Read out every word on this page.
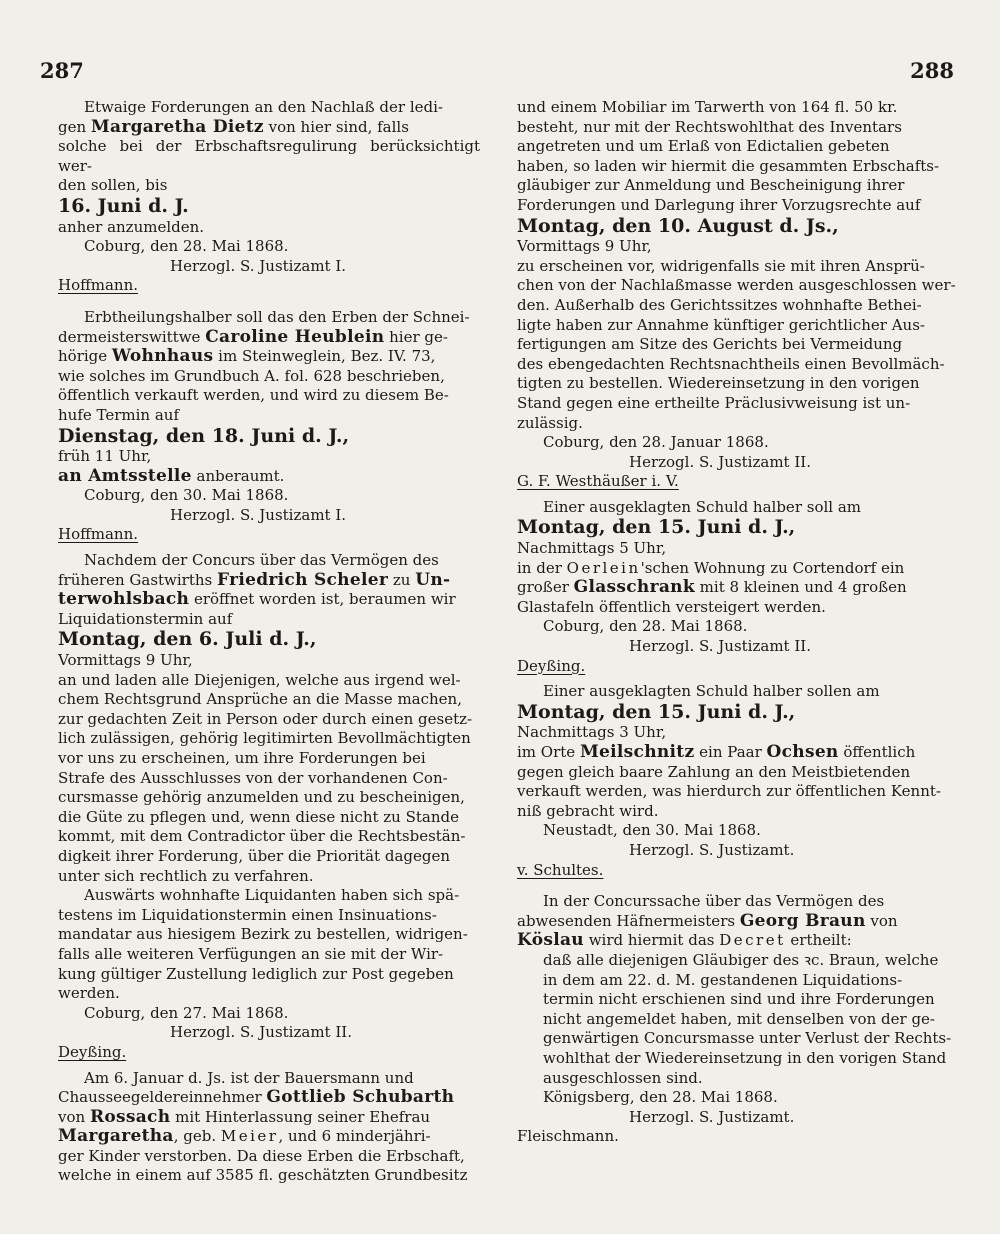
287	288

Etwaige Forderungen an den Nachlaß der ledi-

gen Margaretha Dietz von hier sind, falls

solche bei der Erbschaftsregulirung berücksichtigt wer-

den sollen, bis

16. Juni d. J.

anher anzumelden.

Coburg, den 28. Mai 1868.

Herzogl. S. Justizamt I.

Hoffmann.

Erbtheilungshalber soll das den Erben der Schnei-

dermeisterswittwe Caroline Heublein hier ge-

hörige Wohnhaus im Steinweglein, Bez. IV. 73,

wie solches im Grundbuch A. fol. 628 beschrieben,

öffentlich verkauft werden, und wird zu diesem Be-

hufe Termin auf

Dienstag, den 18. Juni d. J.,

früh 11 Uhr,

an Amtsstelle anberaumt.

Coburg, den 30. Mai 1868.

Herzogl. S. Justizamt I.

Hoffmann.

Nachdem der Concurs über das Vermögen des

früheren Gastwirths Friedrich Scheler zu Un-

terwohlsbach eröffnet worden ist, beraumen wir

Liquidationstermin auf

Montag, den 6. Juli d. J.,

Vormittags 9 Uhr,

an und laden alle Diejenigen, welche aus irgend wel-

chem Rechtsgrund Ansprüche an die Masse machen,

zur gedachten Zeit in Person oder durch einen gesetz-

lich zulässigen, gehörig legitimirten Bevollmächtigten

vor uns zu erscheinen, um ihre Forderungen bei

Strafe des Ausschlusses von der vorhandenen Con-

cursmasse gehörig anzumelden und zu bescheinigen,

die Güte zu pflegen und, wenn diese nicht zu Stande

kommt, mit dem Contradictor über die Rechtsbestän-

digkeit ihrer Forderung, über die Priorität dagegen

unter sich rechtlich zu verfahren.

Auswärts wohnhafte Liquidanten haben sich spä-

testens im Liquidationstermin einen Insinuations-

mandatar aus hiesigem Bezirk zu bestellen, widrigen-

falls alle weiteren Verfügungen an sie mit der Wir-

kung gültiger Zustellung lediglich zur Post gegeben

werden.

Coburg, den 27. Mai 1868.

Herzogl. S. Justizamt II.

Deyßing.

Am 6. Januar d. Js. ist der Bauersmann und

Chausseegeldereinnehmer Gottlieb Schubarth

von Rossach mit Hinterlassung seiner Ehefrau

Margaretha, geb. Meier, und 6 minderjähri-

ger Kinder verstorben. Da diese Erben die Erbschaft,

welche in einem auf 3585 fl. geschätzten Grundbesitz

und einem Mobiliar im Tarwerth von 164 fl. 50 kr.

besteht, nur mit der Rechtswohlthat des Inventars

angetreten und um Erlaß von Edictalien gebeten

haben, so laden wir hiermit die gesammten Erbschafts-

gläubiger zur Anmeldung und Bescheinigung ihrer

Forderungen und Darlegung ihrer Vorzugsrechte auf

Montag, den 10. August d. Js.,

Vormittags 9 Uhr,

zu erscheinen vor, widrigenfalls sie mit ihren Ansprü-

chen von der Nachlaßmasse werden ausgeschlossen wer-

den. Außerhalb des Gerichtssitzes wohnhafte Bethei-

ligte haben zur Annahme künftiger gerichtlicher Aus-

fertigungen am Sitze des Gerichts bei Vermeidung

des ebengedachten Rechtsnachtheils einen Bevollmäch-

tigten zu bestellen. Wiedereinsetzung in den vorigen

Stand gegen eine ertheilte Präclusivweisung ist un-

zulässig.

Coburg, den 28. Januar 1868.

Herzogl. S. Justizamt II.

G. F. Westhäußer i. V.

Einer ausgeklagten Schuld halber soll am

Montag, den 15. Juni d. J.,

Nachmittags 5 Uhr,

in der Oerlein'schen Wohnung zu Cortendorf ein

großer Glasschrank mit 8 kleinen und 4 großen

Glastafeln öffentlich versteigert werden.

Coburg, den 28. Mai 1868.

Herzogl. S. Justizamt II.

Deyßing.

Einer ausgeklagten Schuld halber sollen am

Montag, den 15. Juni d. J.,

Nachmittags 3 Uhr,

im Orte Meilschnitz ein Paar Ochsen öffentlich

gegen gleich baare Zahlung an den Meistbietenden

verkauft werden, was hierdurch zur öffentlichen Kennt-

niß gebracht wird.

Neustadt, den 30. Mai 1868.

Herzogl. S. Justizamt.

v. Schultes.

In der Concurssache über das Vermögen des

abwesenden Häfnermeisters Georg Braun von

Köslau wird hiermit das Decret ertheilt:

daß alle diejenigen Gläubiger des ꝛc. Braun, welche

in dem am 22. d. M. gestandenen Liquidations-

termin nicht erschienen sind und ihre Forderungen

nicht angemeldet haben, mit denselben von der ge-

genwärtigen Concursmasse unter Verlust der Rechts-

wohlthat der Wiedereinsetzung in den vorigen Stand

ausgeschlossen sind.

Königsberg, den 28. Mai 1868.

Herzogl. S. Justizamt.

Fleischmann.
